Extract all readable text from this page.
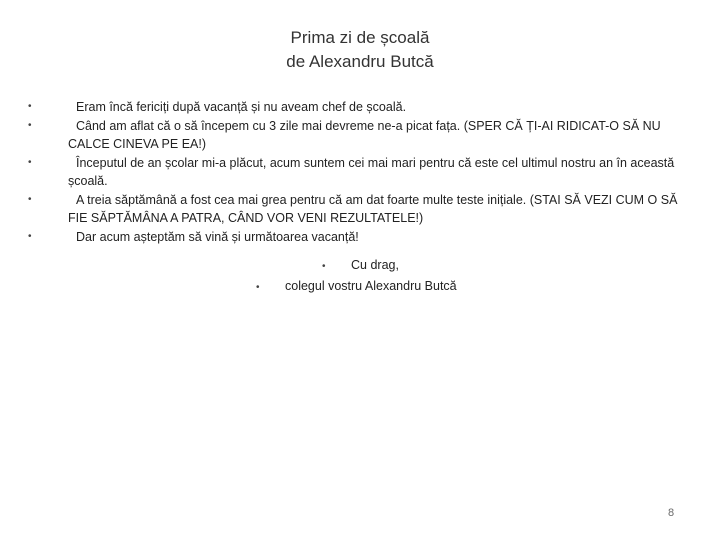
Prima zi de școală
de Alexandru Butcă
•	Eram încă fericiți după vacanță și nu aveam chef de școală.
•	Când am aflat că o să începem cu 3 zile mai devreme ne-a picat fața. (SPER CĂ ȚI-AI RIDICAT-O SĂ NU CALCE CINEVA PE EA!)
•	Începutul de an școlar mi-a plăcut, acum suntem cei mai mari pentru că este cel ultimul nostru an în această școală.
•	A treia săptămână a fost cea mai grea pentru că am dat foarte multe teste inițiale. (STAI SĂ VEZI CUM O SĂ FIE SĂPTĂMÂNA A PATRA, CÂND VOR VENI REZULTATELE!)
•	Dar acum așteptăm să vină și următoarea vacanță!
• Cu drag,
• colegul vostru Alexandru Butcă
8
